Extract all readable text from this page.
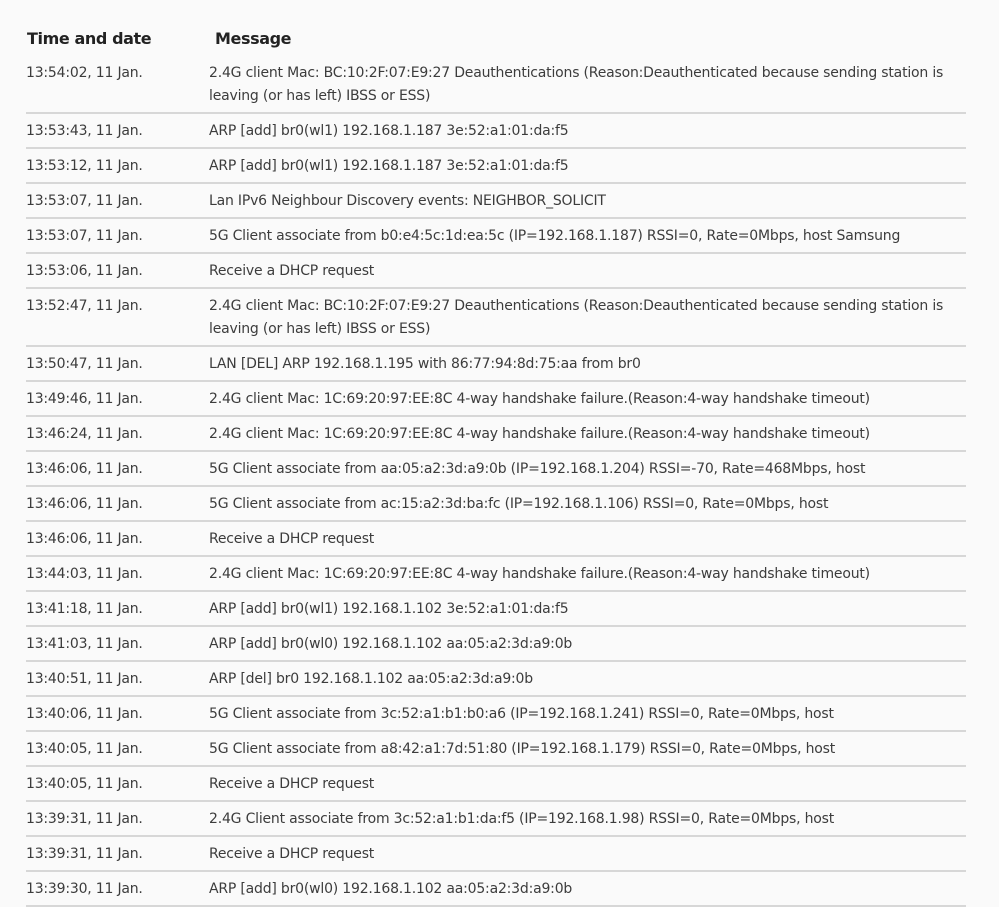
Time and date	Message
13:54:02, 11 Jan.	2.4G client Mac: BC:10:2F:07:E9:27 Deauthentications (Reason:Deauthenticated because sending station is leaving (or has left) IBSS or ESS)
13:53:43, 11 Jan.	ARP [add] br0(wl1) 192.168.1.187 3e:52:a1:01:da:f5
13:53:12, 11 Jan.	ARP [add] br0(wl1) 192.168.1.187 3e:52:a1:01:da:f5
13:53:07, 11 Jan.	Lan IPv6 Neighbour Discovery events: NEIGHBOR_SOLICIT
13:53:07, 11 Jan.	5G Client associate from b0:e4:5c:1d:ea:5c (IP=192.168.1.187) RSSI=0, Rate=0Mbps, host Samsung
13:53:06, 11 Jan.	Receive a DHCP request
13:52:47, 11 Jan.	2.4G client Mac: BC:10:2F:07:E9:27 Deauthentications (Reason:Deauthenticated because sending station is leaving (or has left) IBSS or ESS)
13:50:47, 11 Jan.	LAN [DEL] ARP 192.168.1.195 with 86:77:94:8d:75:aa from br0
13:49:46, 11 Jan.	2.4G client Mac: 1C:69:20:97:EE:8C 4-way handshake failure.(Reason:4-way handshake timeout)
13:46:24, 11 Jan.	2.4G client Mac: 1C:69:20:97:EE:8C 4-way handshake failure.(Reason:4-way handshake timeout)
13:46:06, 11 Jan.	5G Client associate from aa:05:a2:3d:a9:0b (IP=192.168.1.204) RSSI=-70, Rate=468Mbps, host
13:46:06, 11 Jan.	5G Client associate from ac:15:a2:3d:ba:fc (IP=192.168.1.106) RSSI=0, Rate=0Mbps, host
13:46:06, 11 Jan.	Receive a DHCP request
13:44:03, 11 Jan.	2.4G client Mac: 1C:69:20:97:EE:8C 4-way handshake failure.(Reason:4-way handshake timeout)
13:41:18, 11 Jan.	ARP [add] br0(wl1) 192.168.1.102 3e:52:a1:01:da:f5
13:41:03, 11 Jan.	ARP [add] br0(wl0) 192.168.1.102 aa:05:a2:3d:a9:0b
13:40:51, 11 Jan.	ARP [del] br0 192.168.1.102 aa:05:a2:3d:a9:0b
13:40:06, 11 Jan.	5G Client associate from 3c:52:a1:b1:b0:a6 (IP=192.168.1.241) RSSI=0, Rate=0Mbps, host
13:40:05, 11 Jan.	5G Client associate from a8:42:a1:7d:51:80 (IP=192.168.1.179) RSSI=0, Rate=0Mbps, host
13:40:05, 11 Jan.	Receive a DHCP request
13:39:31, 11 Jan.	2.4G Client associate from 3c:52:a1:b1:da:f5 (IP=192.168.1.98) RSSI=0, Rate=0Mbps, host
13:39:31, 11 Jan.	Receive a DHCP request
13:39:30, 11 Jan.	ARP [add] br0(wl0) 192.168.1.102 aa:05:a2:3d:a9:0b
